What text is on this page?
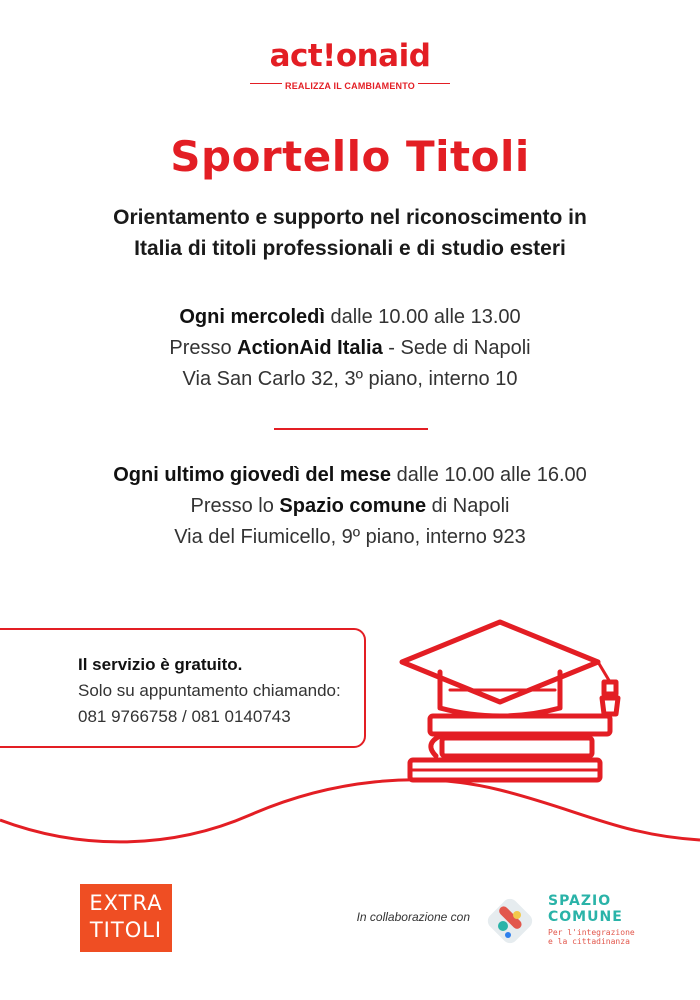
act!onaid
REALIZZA IL CAMBIAMENTO
Sportello Titoli
Orientamento e supporto nel riconoscimento in
Italia di titoli professionali e di studio esteri
Ogni mercoledì dalle 10.00 alle 13.00
Presso ActionAid Italia - Sede di Napoli
Via San Carlo 32, 3º piano, interno 10
Ogni ultimo giovedì del mese dalle 10.00 alle 16.00
Presso lo Spazio comune di Napoli
Via del Fiumicello, 9º piano, interno 923
Il servizio è gratuito.
Solo su appuntamento chiamando:
081 9766758 / 081 0140743
EXTRA
TITOLI
In collaborazione con
SPAZIO
COMUNE
Per l'integrazione
e la cittadinanza
